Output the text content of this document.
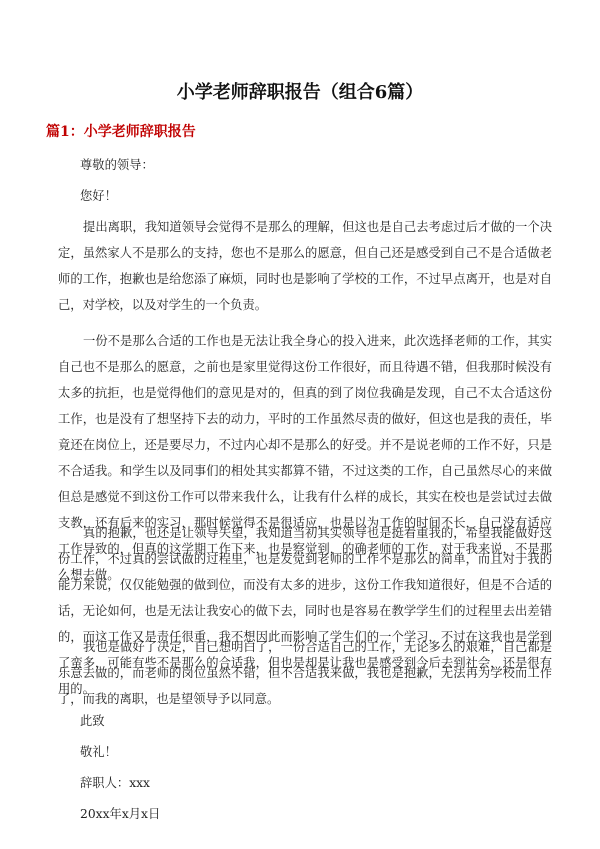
小学老师辞职报告（组合6篇）
篇1：小学老师辞职报告
尊敬的领导：
您好！
提出离职，我知道领导会觉得不是那么的理解，但这也是自己去考虑过后才做的一个决定，虽然家人不是那么的支持，您也不是那么的愿意，但自己还是感受到自己不是合适做老师的工作，抱歉也是给您添了麻烦，同时也是影响了学校的工作，不过早点离开，也是对自己，对学校，以及对学生的一个负责。
一份不是那么合适的工作也是无法让我全身心的投入进来，此次选择老师的工作，其实自己也不是那么的愿意，之前也是家里觉得这份工作很好，而且待遇不错，但我那时候没有太多的抗拒，也是觉得他们的意见是对的，但真的到了岗位我确是发现，自己不太合适这份工作，也是没有了想坚持下去的动力，平时的工作虽然尽责的做好，但这也是我的责任，毕竟还在岗位上，还是要尽力，不过内心却不是那么的好受。并不是说老师的工作不好，只是不合适我。和学生以及同事们的相处其实都算不错，不过这类的工作，自己虽然尽心的来做但总是感觉不到这份工作可以带来我什么，让我有什么样的成长，其实在校也是尝试过去做支教，还有后来的实习，那时候觉得不是很适应，也是以为工作的时间不长，自己没有适应工作导致的，但真的这学期工作下来，也是察觉到，的确老师的工作，对于我来说，不是那么想去做。
真的抱歉，也还是让领导失望，我知道当初其实领导也是挺看重我的，希望我能做好这份工作，不过真的尝试做的过程里，也是发觉到老师的工作不是那么的简单，而且对于我的能力来说，仅仅能勉强的做到位，而没有太多的进步，这份工作我知道很好，但是不合适的话，无论如何，也是无法让我安心的做下去，同时也是容易在教学学生们的过程里去出差错的，而这工作又是责任很重，我不想因此而影响了学生们的一个学习，不过在这我也是学到了蛮多，可能有些不是那么的合适我，但也是却是让我也是感受到今后去到社会，还是很有用的。
我也是做好了决定，自己想明白了，一份合适自己的工作，无论多么的艰难，自己都是乐意去做的，而老师的岗位虽然不错，但不合适我来做，我也是抱歉，无法再为学校而工作了，而我的离职，也是望领导予以同意。
此致
敬礼！
辞职人：xxx
20xx年x月x日
